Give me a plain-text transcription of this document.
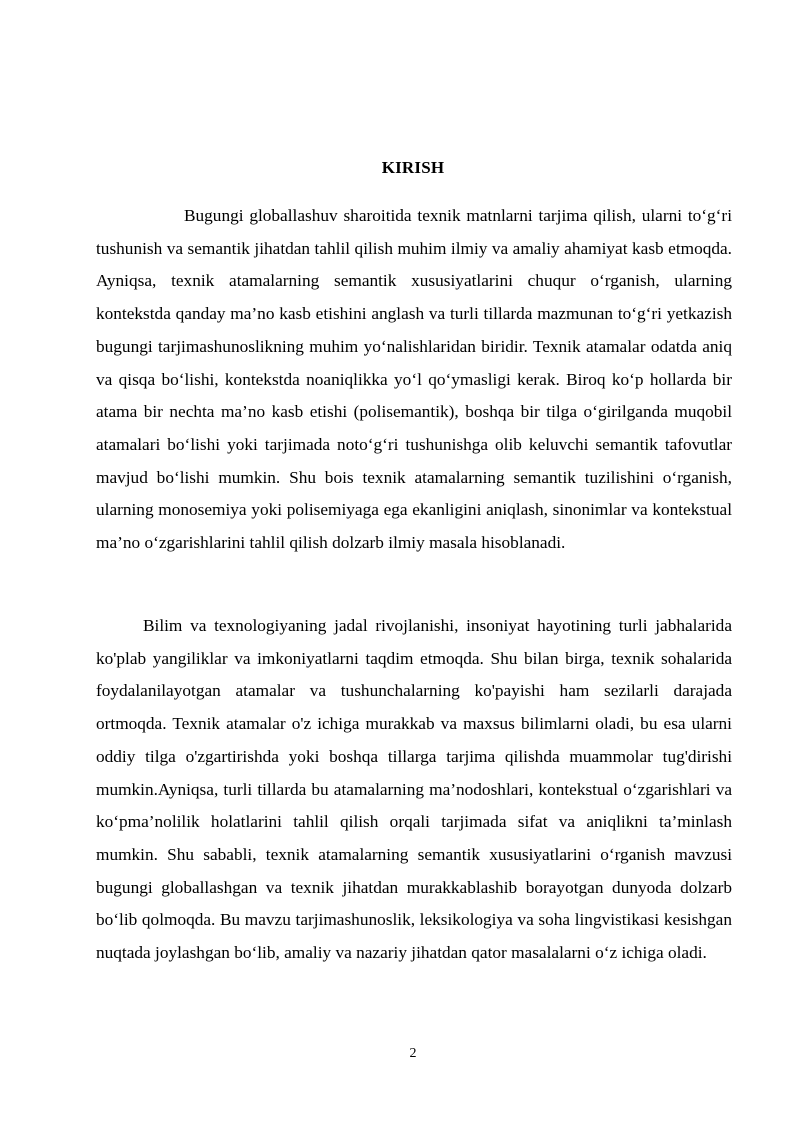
KIRISH

Bugungi globallashuv sharoitida texnik matnlarni tarjima qilish, ularni to‘g‘ri tushunish va semantik jihatdan tahlil qilish muhim ilmiy va amaliy ahamiyat kasb etmoqda. Ayniqsa, texnik atamalarning semantik xususiyatlarini chuqur o‘rganish, ularning kontekstda qanday ma’no kasb etishini anglash va turli tillarda mazmunan to‘g‘ri yetkazish bugungi tarjimashunoslikning muhim yo‘nalishlaridan biridir. Texnik atamalar odatda aniq va qisqa bo‘lishi, kontekstda noaniqlikka yo‘l qo‘ymasligi kerak. Biroq ko‘p hollarda bir atama bir nechta ma’no kasb etishi (polisemantik), boshqa bir tilga o‘girilganda muqobil atamalari bo‘lishi yoki tarjimada noto‘g‘ri tushunishga olib keluvchi semantik tafovutlar mavjud bo‘lishi mumkin. Shu bois texnik atamalarning semantik tuzilishini o‘rganish, ularning monosemiya yoki polisemiyaga ega ekanligini aniqlash, sinonimlar va kontekstual ma’no o‘zgarishlarini tahlil qilish dolzarb ilmiy masala hisoblanadi.

Bilim va texnologiyaning jadal rivojlanishi, insoniyat hayotining turli jabhalarida ko'plab yangiliklar va imkoniyatlarni taqdim etmoqda. Shu bilan birga, texnik sohalarida foydalanilayotgan atamalar va tushunchalarning ko'payishi ham sezilarli darajada ortmoqda. Texnik atamalar o'z ichiga murakkab va maxsus bilimlarni oladi, bu esa ularni oddiy tilga o'zgartirishda yoki boshqa tillarga tarjima qilishda muammolar tug'dirishi mumkin.Ayniqsa, turli tillarda bu atamalarning ma’nodoshlari, kontekstual o‘zgarishlari va ko‘pma’nolilik holatlarini tahlil qilish orqali tarjimada sifat va aniqlikni ta’minlash mumkin. Shu sababli, texnik atamalarning semantik xususiyatlarini o‘rganish mavzusi bugungi globallashgan va texnik jihatdan murakkablashib borayotgan dunyoda dolzarb bo‘lib qolmoqda. Bu mavzu tarjimashunoslik, leksikologiya va soha lingvistikasi kesishgan nuqtada joylashgan bo‘lib, amaliy va nazariy jihatdan qator masalalarni o‘z ichiga oladi.

2
